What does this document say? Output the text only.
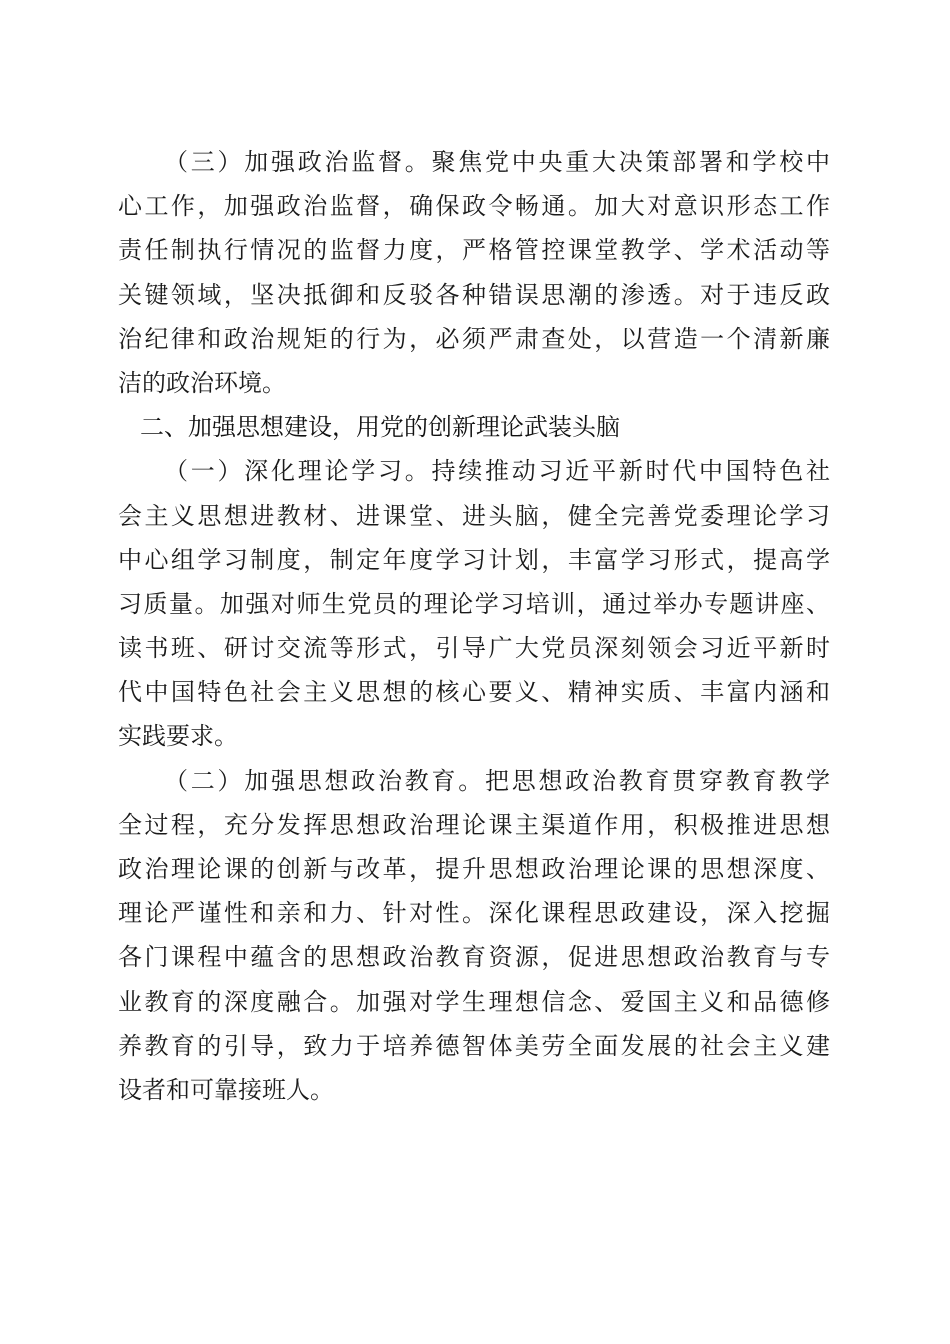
（三）加强政治监督。聚焦党中央重大决策部署和学校中
心工作，加强政治监督，确保政令畅通。加大对意识形态工作
责任制执行情况的监督力度，严格管控课堂教学、学术活动等
关键领域，坚决抵御和反驳各种错误思潮的渗透。对于违反政
治纪律和政治规矩的行为，必须严肃查处，以营造一个清新廉
洁的政治环境。
二、加强思想建设，用党的创新理论武装头脑
（一）深化理论学习。持续推动习近平新时代中国特色社
会主义思想进教材、进课堂、进头脑，健全完善党委理论学习
中心组学习制度，制定年度学习计划，丰富学习形式，提高学
习质量。加强对师生党员的理论学习培训，通过举办专题讲座、
读书班、研讨交流等形式，引导广大党员深刻领会习近平新时
代中国特色社会主义思想的核心要义、精神实质、丰富内涵和
实践要求。
（二）加强思想政治教育。把思想政治教育贯穿教育教学
全过程，充分发挥思想政治理论课主渠道作用，积极推进思想
政治理论课的创新与改革，提升思想政治理论课的思想深度、
理论严谨性和亲和力、针对性。深化课程思政建设，深入挖掘
各门课程中蕴含的思想政治教育资源，促进思想政治教育与专
业教育的深度融合。加强对学生理想信念、爱国主义和品德修
养教育的引导，致力于培养德智体美劳全面发展的社会主义建
设者和可靠接班人。
